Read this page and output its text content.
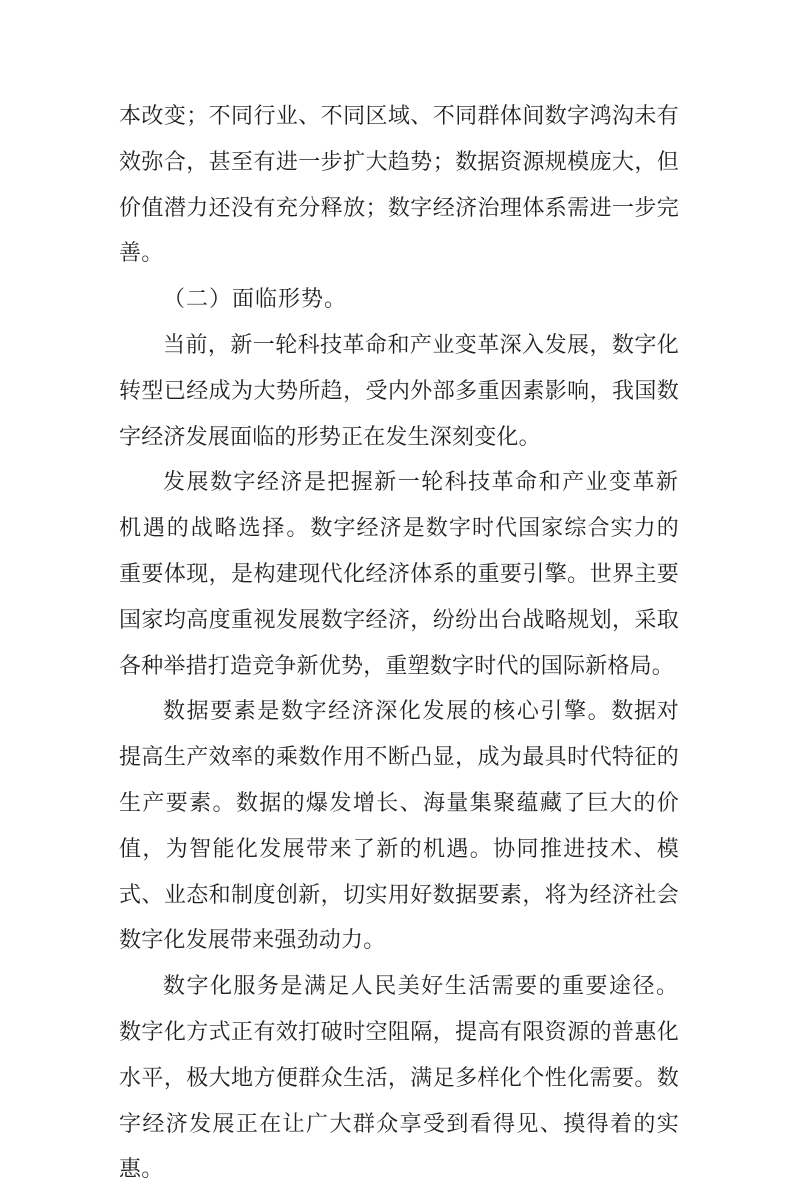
本改变；不同行业、不同区域、不同群体间数字鸿沟未有效弥合，甚至有进一步扩大趋势；数据资源规模庞大，但价值潜力还没有充分释放；数字经济治理体系需进一步完善。

（二）面临形势。

当前，新一轮科技革命和产业变革深入发展，数字化转型已经成为大势所趋，受内外部多重因素影响，我国数字经济发展面临的形势正在发生深刻变化。

发展数字经济是把握新一轮科技革命和产业变革新机遇的战略选择。数字经济是数字时代国家综合实力的重要体现，是构建现代化经济体系的重要引擎。世界主要国家均高度重视发展数字经济，纷纷出台战略规划，采取各种举措打造竞争新优势，重塑数字时代的国际新格局。

数据要素是数字经济深化发展的核心引擎。数据对提高生产效率的乘数作用不断凸显，成为最具时代特征的生产要素。数据的爆发增长、海量集聚蕴藏了巨大的价值，为智能化发展带来了新的机遇。协同推进技术、模式、业态和制度创新，切实用好数据要素，将为经济社会数字化发展带来强劲动力。

数字化服务是满足人民美好生活需要的重要途径。数字化方式正有效打破时空阻隔，提高有限资源的普惠化水平，极大地方便群众生活，满足多样化个性化需要。数字经济发展正在让广大群众享受到看得见、摸得着的实惠。
